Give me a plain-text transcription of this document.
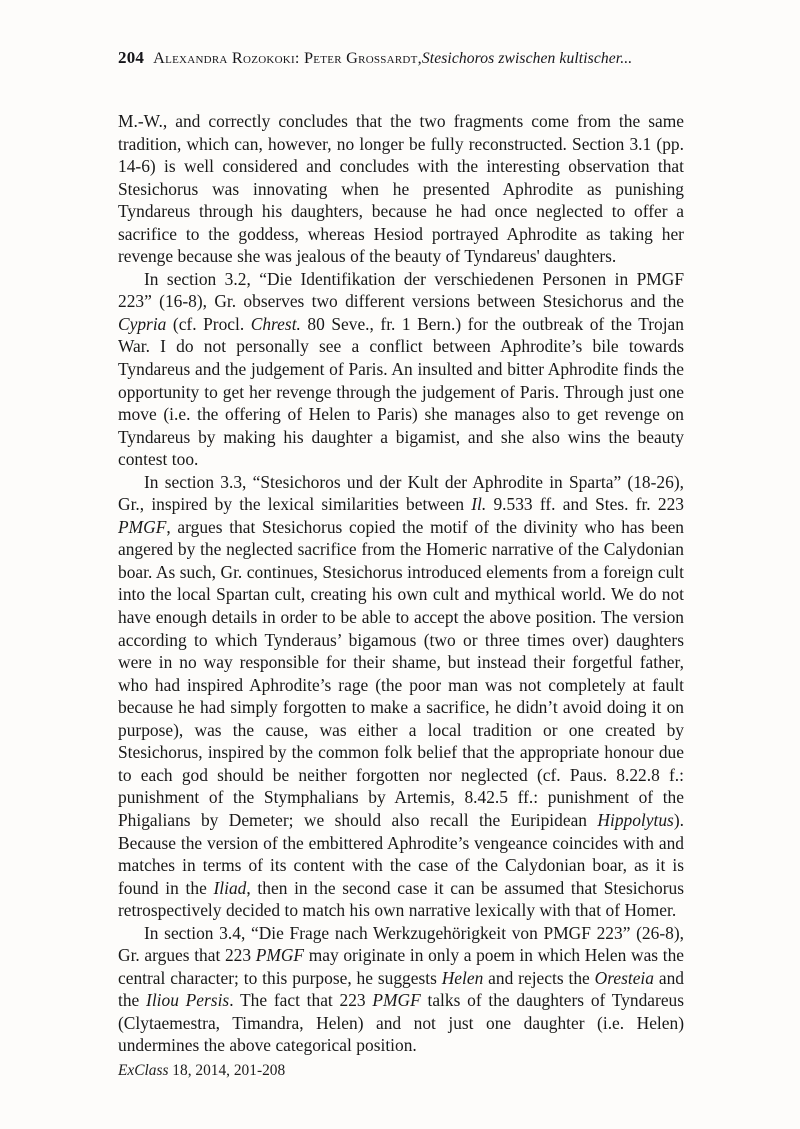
204 Alexandra Rozokoki: Peter Grossardt,Stesichoros zwischen kultischer...

M.-W., and correctly concludes that the two fragments come from the same tradition, which can, however, no longer be fully reconstructed. Section 3.1 (pp. 14-6) is well considered and concludes with the interesting observation that Stesichorus was innovating when he presented Aphrodite as punishing Tyndareus through his daughters, because he had once neglected to offer a sacrifice to the goddess, whereas Hesiod portrayed Aphrodite as taking her revenge because she was jealous of the beauty of Tyndareus' daughters.

In section 3.2, “Die Identifikation der verschiedenen Personen in PMGF 223” (16-8), Gr. observes two different versions between Stesichorus and the Cypria (cf. Procl. Chrest. 80 Seve., fr. 1 Bern.) for the outbreak of the Trojan War. I do not personally see a conflict between Aphrodite’s bile towards Tyndareus and the judgement of Paris. An insulted and bitter Aphrodite finds the opportunity to get her revenge through the judgement of Paris. Through just one move (i.e. the offering of Helen to Paris) she manages also to get revenge on Tyndareus by making his daughter a bigamist, and she also wins the beauty contest too.

In section 3.3, “Stesichoros und der Kult der Aphrodite in Sparta” (18-26), Gr., inspired by the lexical similarities between Il. 9.533 ff. and Stes. fr. 223 PMGF, argues that Stesichorus copied the motif of the divinity who has been angered by the neglected sacrifice from the Homeric narrative of the Calydonian boar. As such, Gr. continues, Stesichorus introduced elements from a foreign cult into the local Spartan cult, creating his own cult and mythical world. We do not have enough details in order to be able to accept the above position. The version according to which Tynderaus’ bigamous (two or three times over) daughters were in no way responsible for their shame, but instead their forgetful father, who had inspired Aphrodite’s rage (the poor man was not completely at fault because he had simply forgotten to make a sacrifice, he didn’t avoid doing it on purpose), was the cause, was either a local tradition or one created by Stesichorus, inspired by the common folk belief that the appropriate honour due to each god should be neither forgotten nor neglected (cf. Paus. 8.22.8 f.: punishment of the Stymphalians by Artemis, 8.42.5 ff.: punishment of the Phigalians by Demeter; we should also recall the Euripidean Hippolytus). Because the version of the embittered Aphrodite’s vengeance coincides with and matches in terms of its content with the case of the Calydonian boar, as it is found in the Iliad, then in the second case it can be assumed that Stesichorus retrospectively decided to match his own narrative lexically with that of Homer.

In section 3.4, “Die Frage nach Werkzugehörigkeit von PMGF 223” (26-8), Gr. argues that 223 PMGF may originate in only a poem in which Helen was the central character; to this purpose, he suggests Helen and rejects the Oresteia and the Iliou Persis. The fact that 223 PMGF talks of the daughters of Tyndareus (Clytaemestra, Timandra, Helen) and not just one daughter (i.e. Helen) undermines the above categorical position.

ExClass 18, 2014, 201-208
